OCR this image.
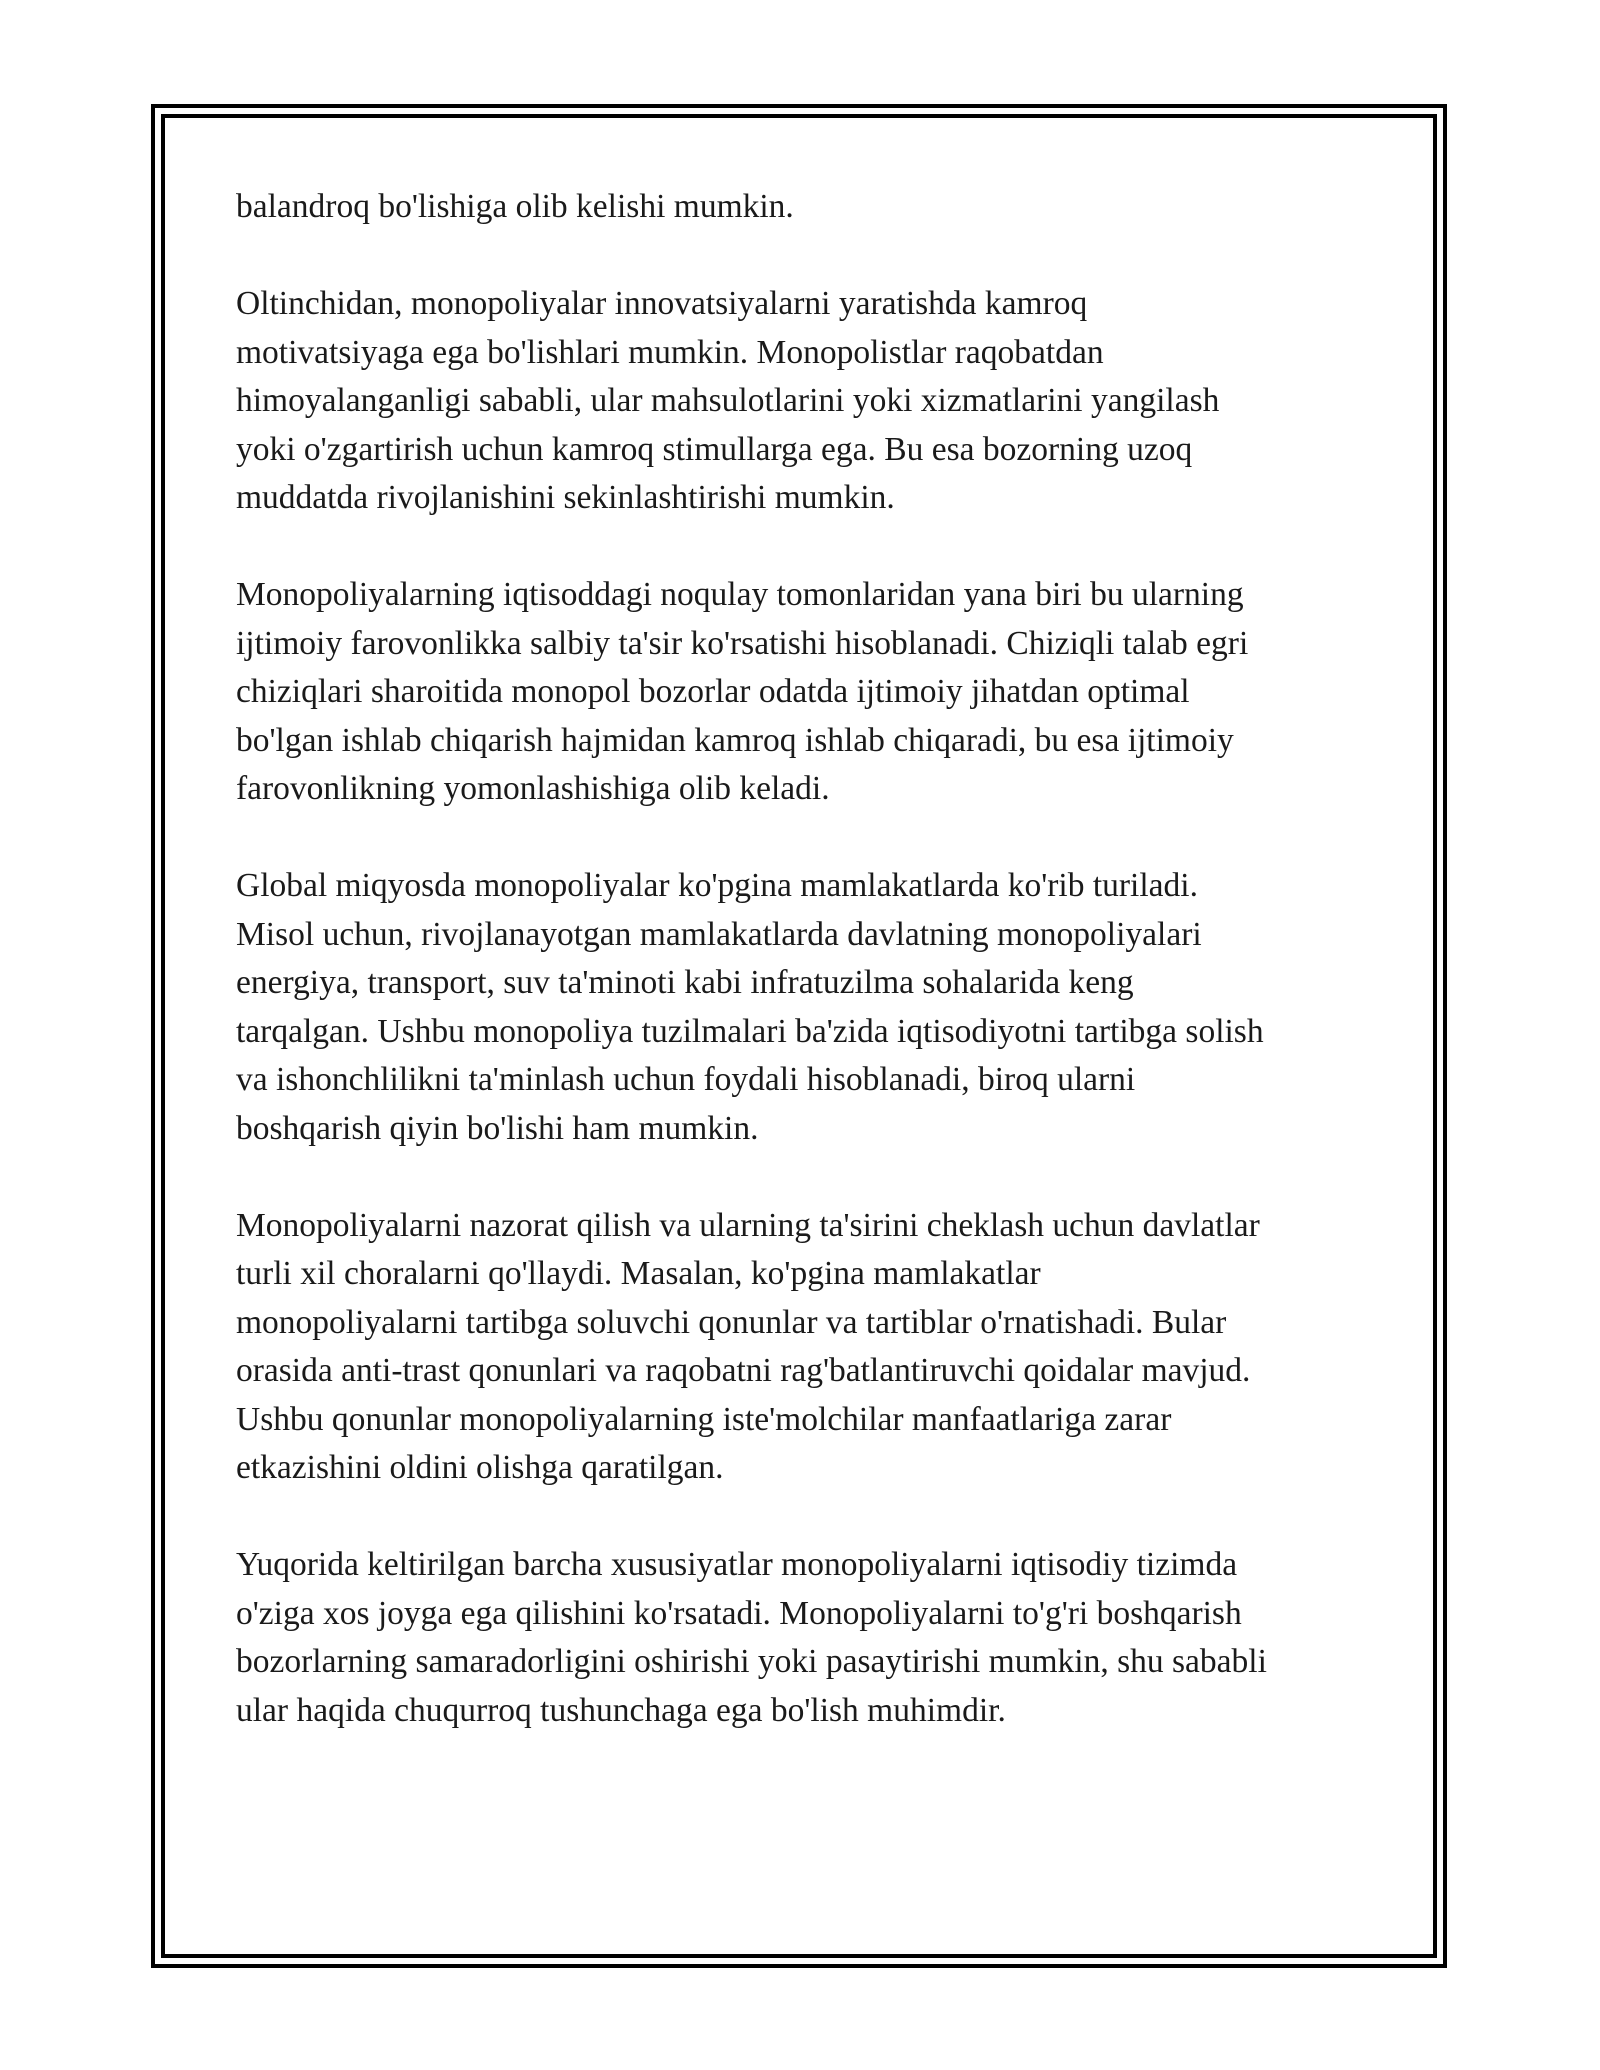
balandroq bo'lishiga olib kelishi mumkin.

Oltinchidan, monopoliyalar innovatsiyalarni yaratishda kamroq
motivatsiyaga ega bo'lishlari mumkin. Monopolistlar raqobatdan
himoyalanganligi sababli, ular mahsulotlarini yoki xizmatlarini yangilash
yoki o'zgartirish uchun kamroq stimullarga ega. Bu esa bozorning uzoq
muddatda rivojlanishini sekinlashtirishi mumkin.

Monopoliyalarning iqtisoddagi noqulay tomonlaridan yana biri bu ularning
ijtimoiy farovonlikka salbiy ta'sir ko'rsatishi hisoblanadi. Chiziqli talab egri
chiziqlari sharoitida monopol bozorlar odatda ijtimoiy jihatdan optimal
bo'lgan ishlab chiqarish hajmidan kamroq ishlab chiqaradi, bu esa ijtimoiy
farovonlikning yomonlashishiga olib keladi.

Global miqyosda monopoliyalar ko'pgina mamlakatlarda ko'rib turiladi.
Misol uchun, rivojlanayotgan mamlakatlarda davlatning monopoliyalari
energiya, transport, suv ta'minoti kabi infratuzilma sohalarida keng
tarqalgan. Ushbu monopoliya tuzilmalari ba'zida iqtisodiyotni tartibga solish
va ishonchlilikni ta'minlash uchun foydali hisoblanadi, biroq ularni
boshqarish qiyin bo'lishi ham mumkin.

Monopoliyalarni nazorat qilish va ularning ta'sirini cheklash uchun davlatlar
turli xil choralarni qo'llaydi. Masalan, ko'pgina mamlakatlar
monopoliyalarni tartibga soluvchi qonunlar va tartiblar o'rnatishadi. Bular
orasida anti-trast qonunlari va raqobatni rag'batlantiruvchi qoidalar mavjud.
Ushbu qonunlar monopoliyalarning iste'molchilar manfaatlariga zarar
etkazishini oldini olishga qaratilgan.

Yuqorida keltirilgan barcha xususiyatlar monopoliyalarni iqtisodiy tizimda
o'ziga xos joyga ega qilishini ko'rsatadi. Monopoliyalarni to'g'ri boshqarish
bozorlarning samaradorligini oshirishi yoki pasaytirishi mumkin, shu sababli
ular haqida chuqurroq tushunchaga ega bo'lish muhimdir.
